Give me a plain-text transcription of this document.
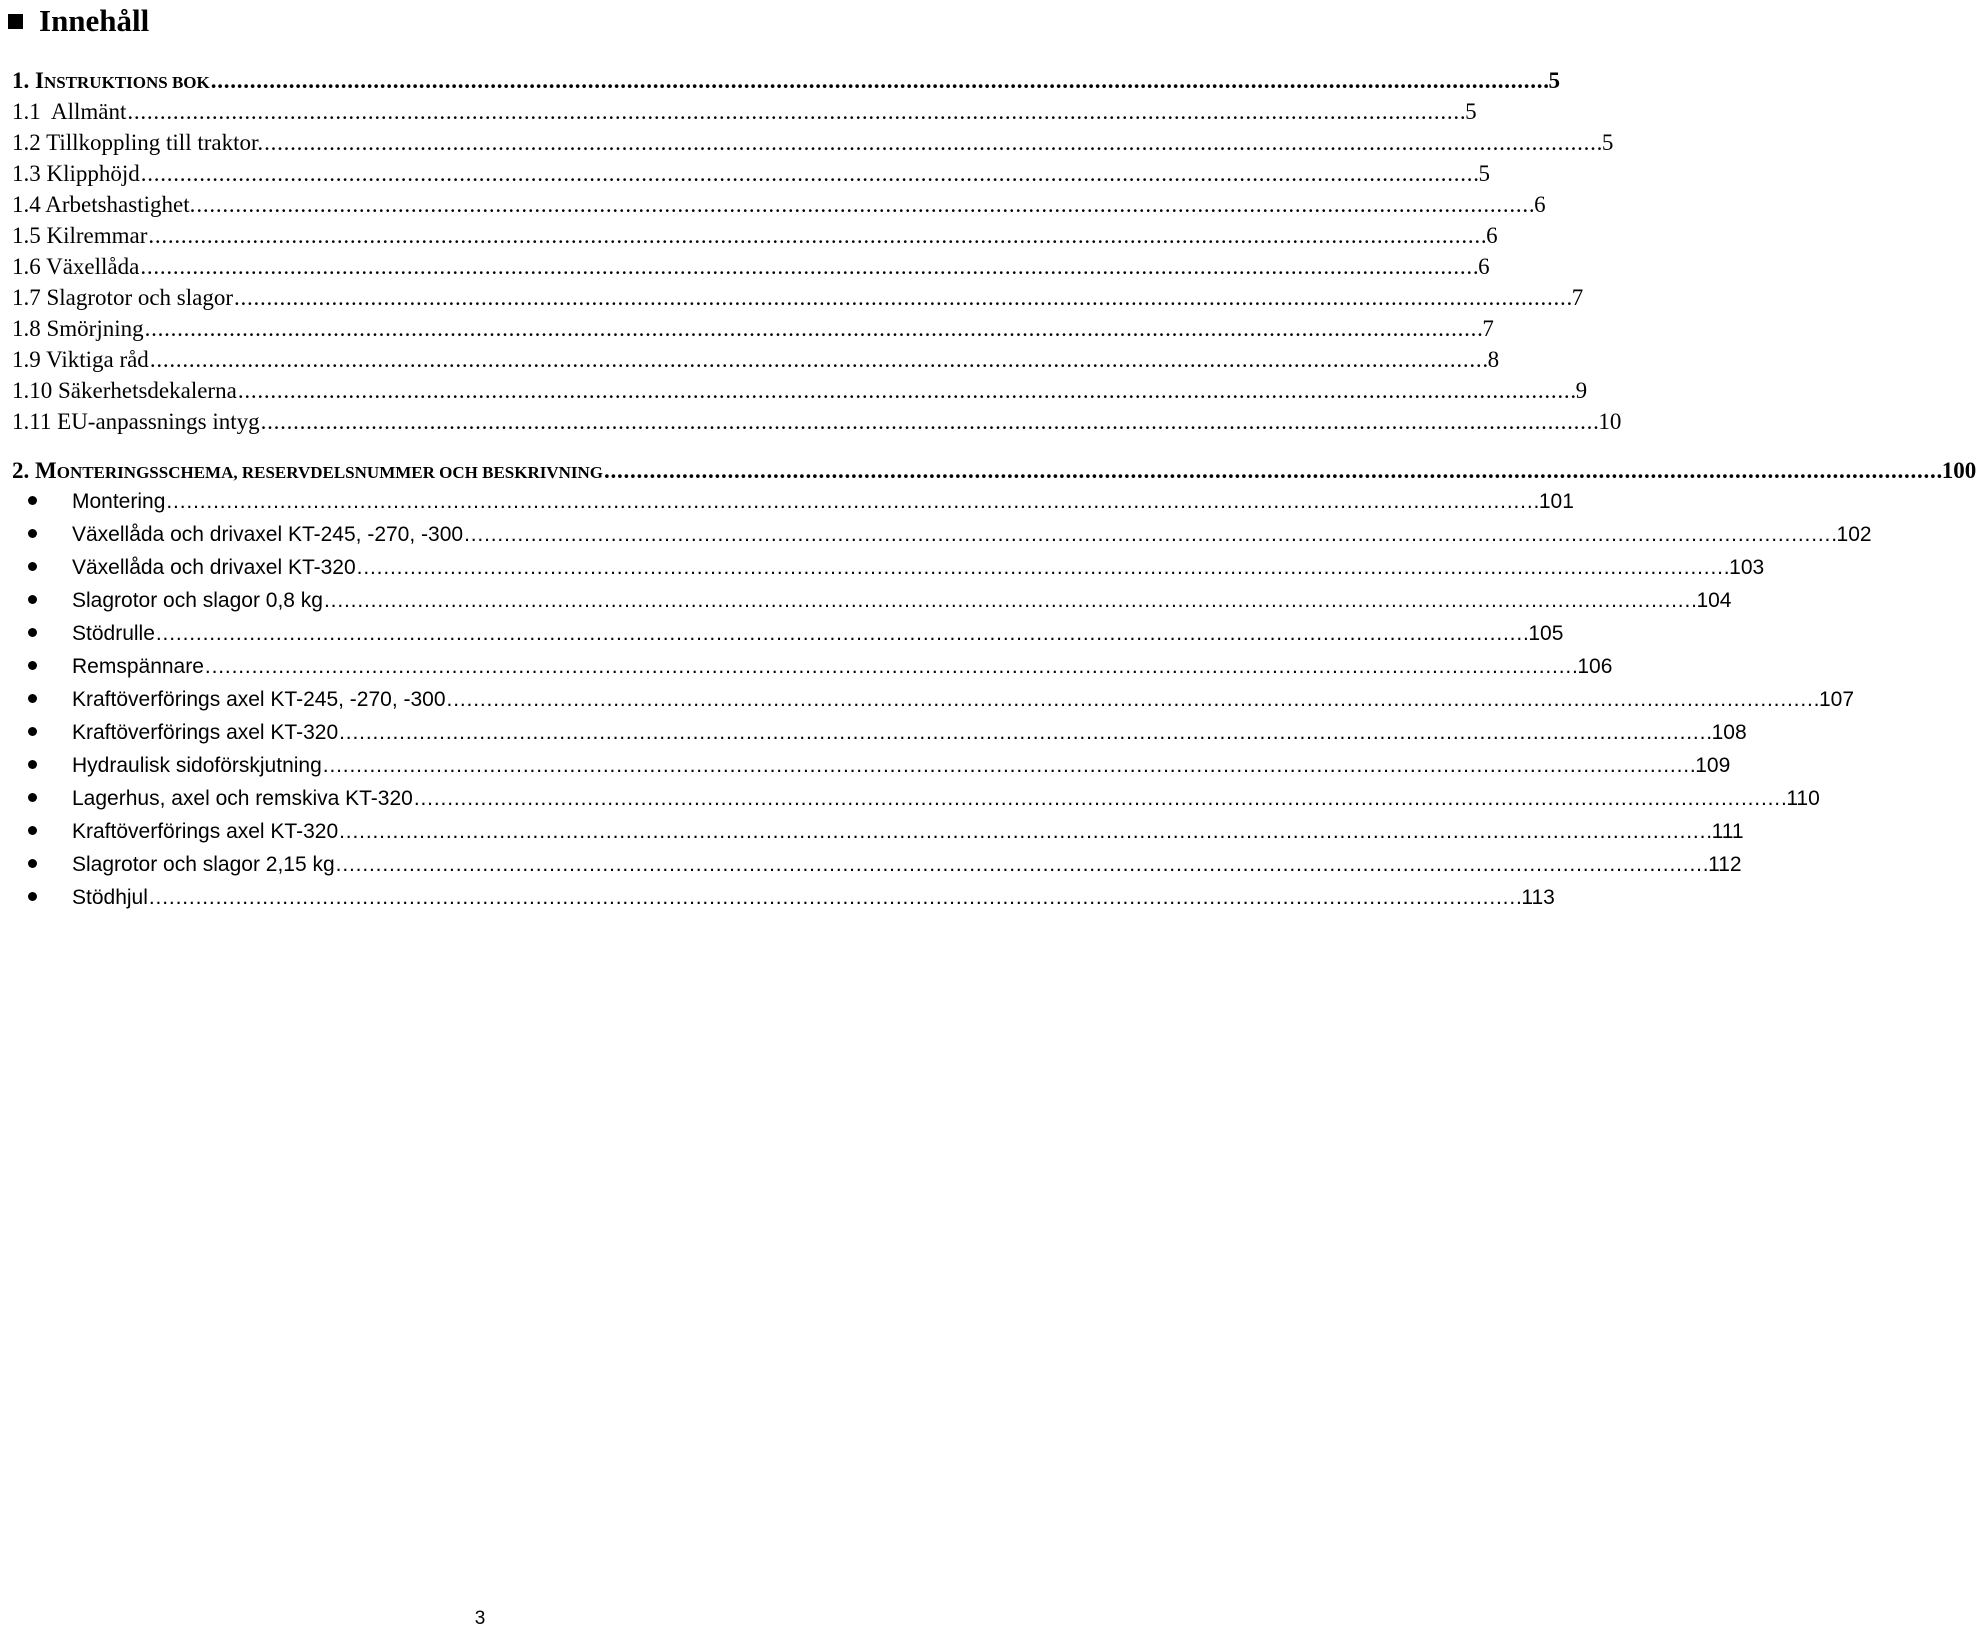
Innehåll
1. INSTRUKTIONS BOK . . .	5
1.1  Allmänt . . .	5
1.2 Tillkoppling till traktor. . . .	5
1.3 Klipphöjd . . .	5
1.4 Arbetshastighet. . . .	6
1.5 Kilremmar . . .	6
1.6 Växellåda . . .	6
1.7 Slagrotor och slagor . . .	7
1.8 Smörjning . . .	7
1.9 Viktiga råd . . .	8
1.10 Säkerhetsdekalerna . . .	9
1.11 EU-anpassnings intyg . . .	10
2. MONTERINGSSCHEMA, RESERVDELSNUMMER OCH BESKRIVNING . . .	100
Montering . . .	101
Växellåda och drivaxel KT-245, -270, -300 . . .	102
Växellåda och drivaxel KT-320 . . .	103
Slagrotor och slagor 0,8 kg . . .	104
Stödrulle . . .	105
Remspännare . . .	106
Kraftöverförings axel KT-245, -270, -300 . . .	107
Kraftöverförings axel KT-320 . . .	108
Hydraulisk sidoförskjutning . . .	109
Lagerhus, axel och remskiva KT-320 . . .	110
Kraftöverförings axel KT-320 . . .	111
Slagrotor och slagor 2,15 kg . . .	112
Stödhjul . . .	113
3
